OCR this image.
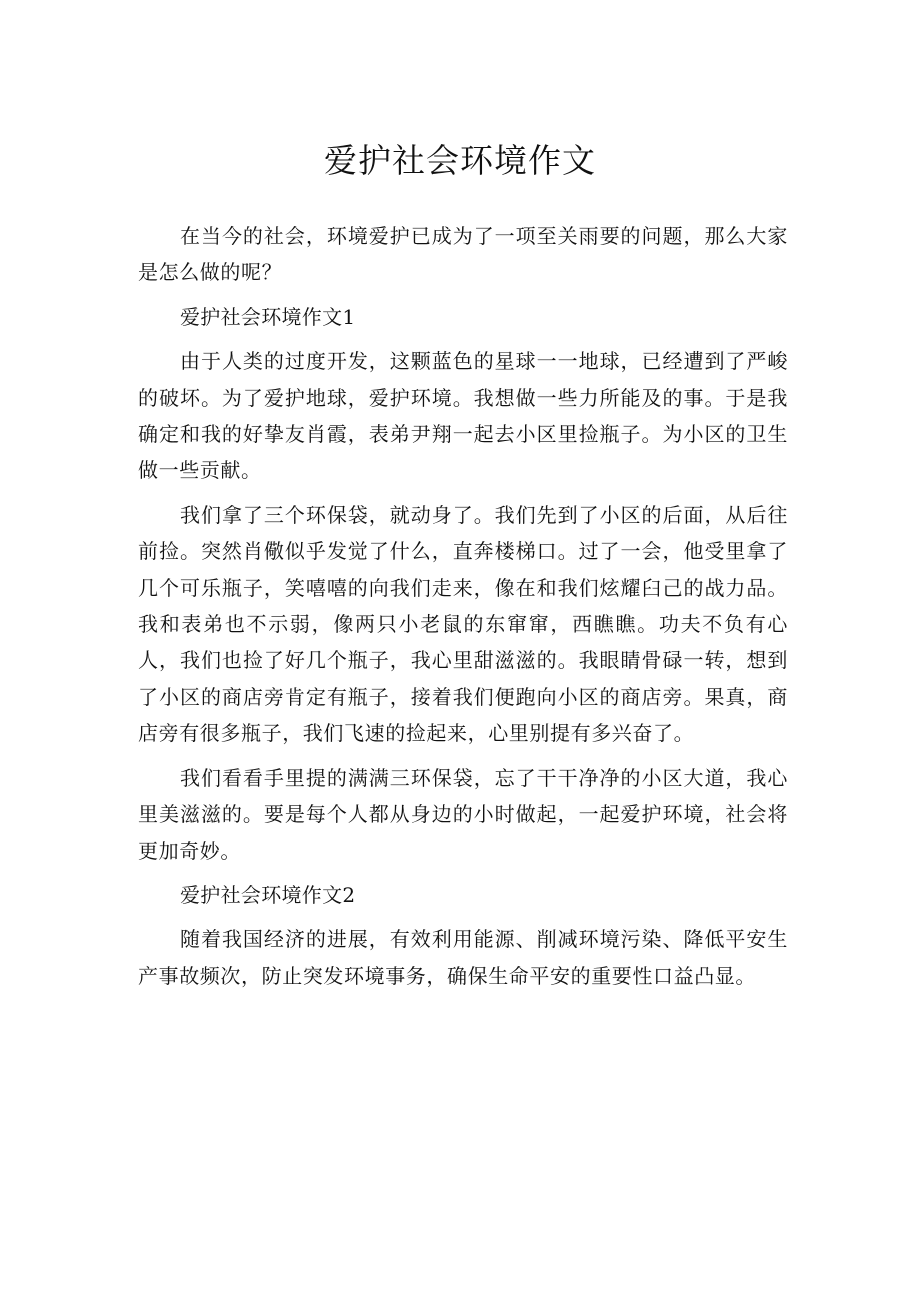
爱护社会环境作文

在当今的社会，环境爱护已成为了一项至关雨要的问题，那么大家是怎么做的呢？

爱护社会环境作文1

由于人类的过度开发，这颗蓝色的星球一一地球，已经遭到了严峻的破坏。为了爱护地球，爱护环境。我想做一些力所能及的事。于是我确定和我的好挚友肖霞，表弟尹翔一起去小区里捡瓶子。为小区的卫生做一些贡献。

我们拿了三个环保袋，就动身了。我们先到了小区的后面，从后往前捡。突然肖儆似乎发觉了什么，直奔楼梯口。过了一会，他受里拿了几个可乐瓶子，笑嘻嘻的向我们走来，像在和我们炫耀臼己的战力品。我和表弟也不示弱，像两只小老鼠的东窜窜，西瞧瞧。功夫不负有心人，我们也捡了好几个瓶子，我心里甜滋滋的。我眼睛骨碌一转，想到了小区的商店旁肯定有瓶子，接着我们便跑向小区的商店旁。果真，商店旁有很多瓶子，我们飞速的捡起来，心里别提有多兴奋了。

我们看看手里提的满满三环保袋，忘了干干净净的小区大道，我心里美滋滋的。要是每个人都从身边的小时做起，一起爱护环境，社会将更加奇妙。

爱护社会环境作文2

随着我国经济的进展，有效利用能源、削减环境污染、降低平安生产事故频次，防止突发环境事务，确保生命平安的重要性口益凸显。
